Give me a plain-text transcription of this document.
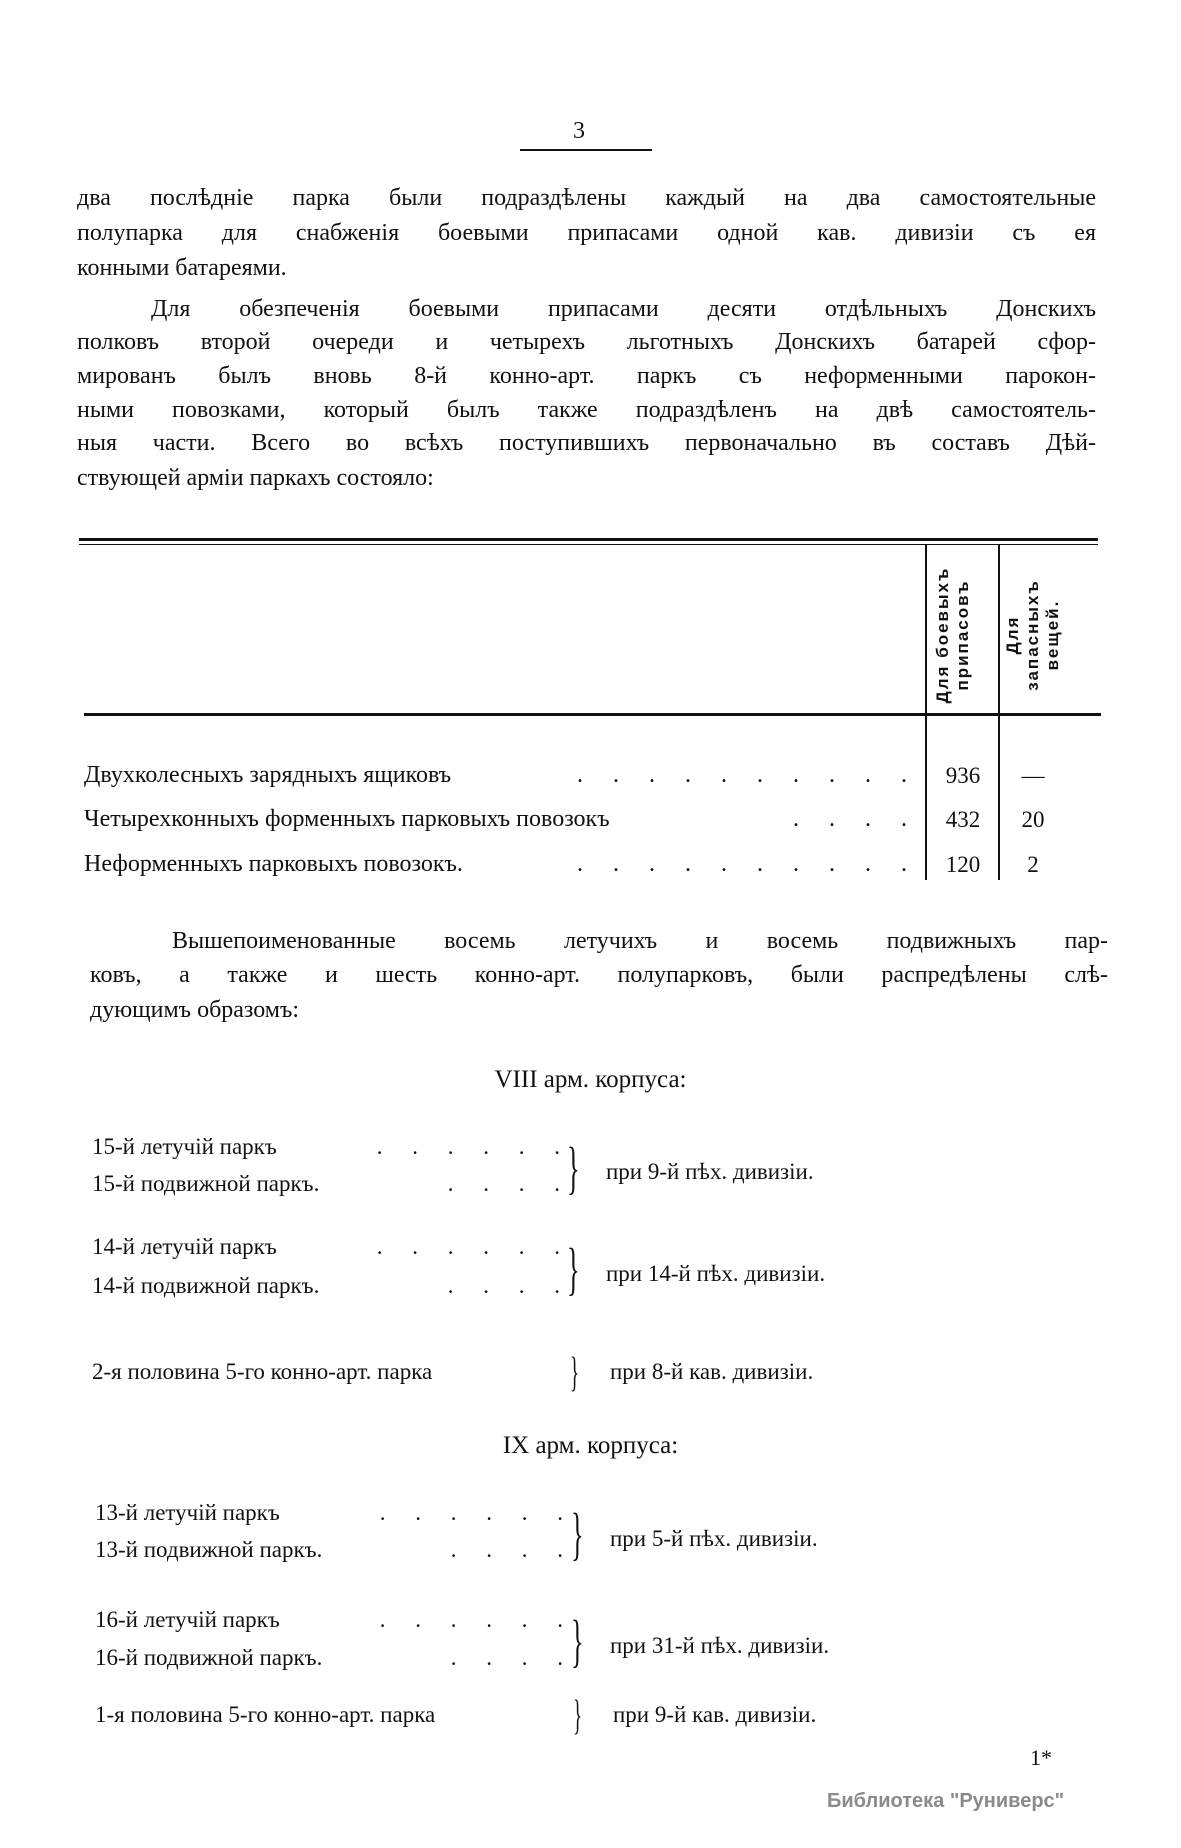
3
два послѣдніе парка были подраздѣлены каждый на два самостоятельные
полупарка для снабженія боевыми припасами одной кав. дивизіи съ ея
конными батареями.
Для обезпеченія боевыми припасами десяти отдѣльныхъ Донскихъ
полковъ второй очереди и четырехъ льготныхъ Донскихъ батарей сфор-
мированъ былъ вновь 8-й конно-арт. паркъ съ неформенными парокон-
ными повозками, который былъ также подраздѣленъ на двѣ самостоятель-
ныя части. Всего во всѣхъ поступившихъ первоначально въ составъ Дѣй-
ствующей арміи паркахъ состояло:
Для боевыхъ припасовъ Для запасныхъ вещей.
Двухколесныхъ зарядныхъ ящиковъ	. . . . . . . . . .	936	—
Четырехконныхъ форменныхъ парковыхъ повозокъ	. . . .	432	20
Неформенныхъ парковыхъ повозокъ.	. . . . . . . . . .	120	2
Вышепоименованные восемь летучихъ и восемь подвижныхъ пар-
ковъ, а также и шесть конно-арт. полупарковъ, были распредѣлены слѣ-
дующимъ образомъ:
VIII арм. корпуса:
15-й летучій паркъ	. . . . . .
15-й подвижной паркъ.	. . . .
} при 9-й пѣх. дивизіи.
14-й летучій паркъ	. . . . . .
14-й подвижной паркъ.	. . . .
} при 14-й пѣх. дивизіи.
2-я половина 5-го конно-арт. парка	} при 8-й кав. дивизіи.
IX арм. корпуса:
13-й летучій паркъ	. . . . . .
13-й подвижной паркъ.	. . . .
} при 5-й пѣх. дивизіи.
16-й летучій паркъ	. . . . . .
16-й подвижной паркъ.	. . . .
} при 31-й пѣх. дивизіи.
1-я половина 5-го конно-арт. парка	} при 9-й кав. дивизіи.
1*
Библиотека "Руниверс"
